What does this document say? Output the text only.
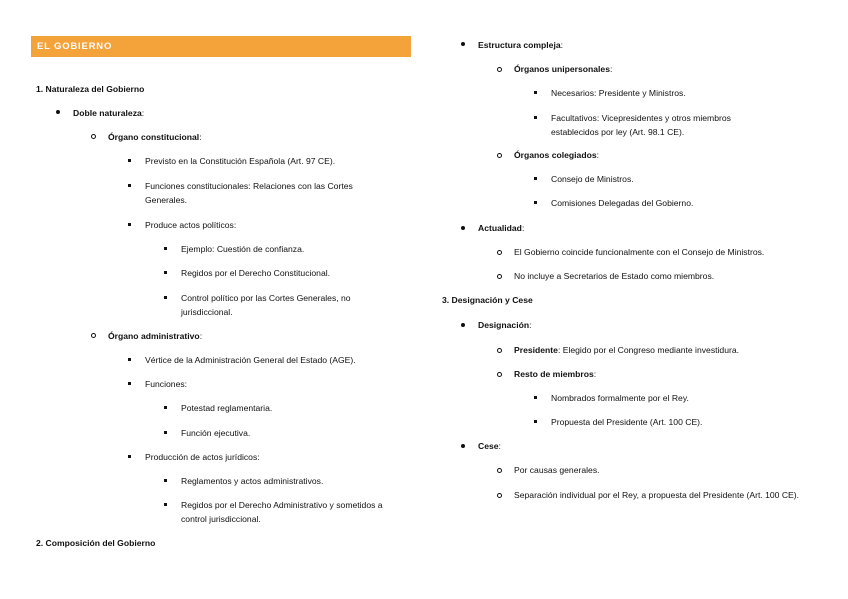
EL GOBIERNO
1. Naturaleza del Gobierno
Doble naturaleza:
Órgano constitucional:
Previsto en la Constitución Española (Art. 97 CE).
Funciones constitucionales: Relaciones con las Cortes Generales.
Produce actos políticos:
Ejemplo: Cuestión de confianza.
Regidos por el Derecho Constitucional.
Control político por las Cortes Generales, no jurisdiccional.
Órgano administrativo:
Vértice de la Administración General del Estado (AGE).
Funciones:
Potestad reglamentaria.
Función ejecutiva.
Producción de actos jurídicos:
Reglamentos y actos administrativos.
Regidos por el Derecho Administrativo y sometidos a control jurisdiccional.
2. Composición del Gobierno
Estructura compleja:
Órganos unipersonales:
Necesarios: Presidente y Ministros.
Facultativos: Vicepresidentes y otros miembros establecidos por ley (Art. 98.1 CE).
Órganos colegiados:
Consejo de Ministros.
Comisiones Delegadas del Gobierno.
Actualidad:
El Gobierno coincide funcionalmente con el Consejo de Ministros.
No incluye a Secretarios de Estado como miembros.
3. Designación y Cese
Designación:
Presidente: Elegido por el Congreso mediante investidura.
Resto de miembros:
Nombrados formalmente por el Rey.
Propuesta del Presidente (Art. 100 CE).
Cese:
Por causas generales.
Separación individual por el Rey, a propuesta del Presidente (Art. 100 CE).
